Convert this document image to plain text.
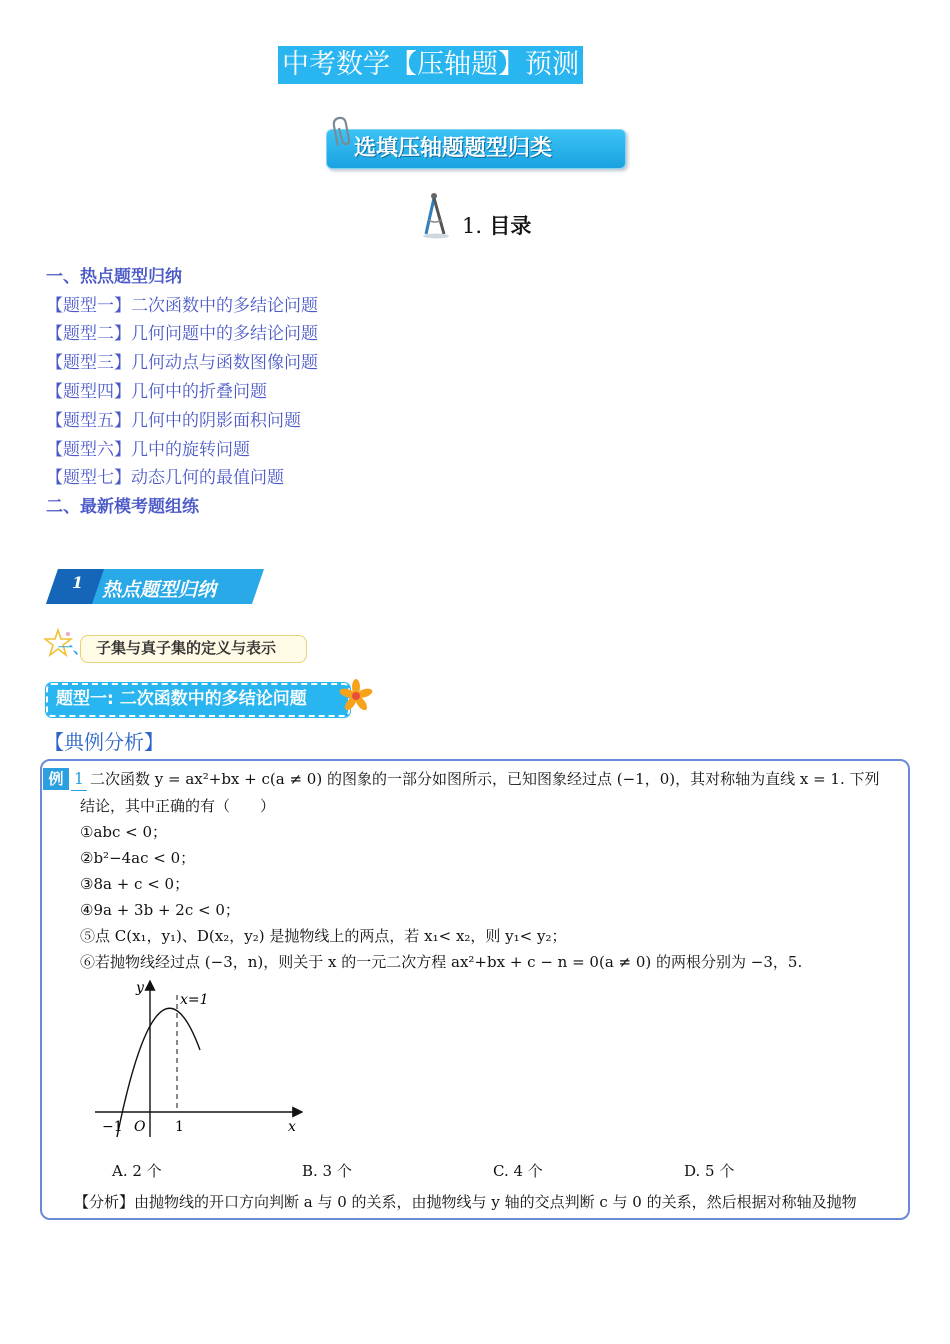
中考数学【压轴题】预测
选填压轴题题型归类
1. 目录
一、热点题型归纳
【题型一】二次函数中的多结论问题
【题型二】几何问题中的多结论问题
【题型三】几何动点与函数图像问题
【题型四】几何中的折叠问题
【题型五】几何中的阴影面积问题
【题型六】几中的旋转问题
【题型七】动态几何的最值问题
二、最新模考题组练
1 热点题型归纳
一、 子集与真子集的定义与表示
题型一: 二次函数中的多结论问题
【典例分析】
例 1 二次函数 y = ax²+bx + c(a ≠ 0) 的图象的一部分如图所示，已知图象经过点 (−1，0)，其对称轴为直线 x = 1. 下列
结论，其中正确的有（　　）
①abc < 0；
②b²−4ac < 0；
③8a + c < 0；
④9a + 3b + 2c < 0；
⑤点 C(x₁，y₁)、D(x₂，y₂) 是抛物线上的两点，若 x₁< x₂，则 y₁< y₂；
⑥若抛物线经过点 (−3，n)，则关于 x 的一元二次方程 ax²+bx + c − n = 0(a ≠ 0) 的两根分别为 −3，5.
y
x
O
−1	1
x=1
A. 2 个	B. 3 个	C. 4 个	D. 5 个
【分析】由抛物线的开口方向判断 a 与 0 的关系，由抛物线与 y 轴的交点判断 c 与 0 的关系，然后根据对称轴及抛物
